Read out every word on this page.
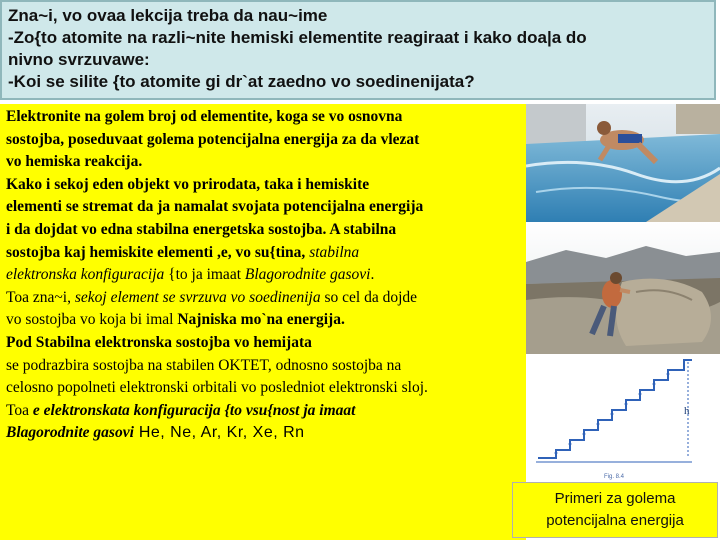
Zna~i, vo ovaa lekcija treba da nau~ime
-Zo{to atomite na razli~nite hemiski elementite reagiraat i kako doa|a do
nivno svrzuvawe:
-Koi se silite {to atomite gi dr`at zaedno vo soedinenijata?
Elektronite na golem broj od elementite, koga se vo osnovna
sostojba, poseduvaat golema potencijalna energija za da vlezat
vo hemiska reakcija.
Kako i sekoj eden objekt vo prirodata, taka i hemiskite
elementi se stremat da ja namalat svojata potencijalna energija
i da dojdat vo edna stabilna energetska sostojba. A stabilna
sostojba kaj hemiskite elementi ,e, vo su{tina, stabilna
elektronska konfiguracija {to ja imaat Blagorodnite gasovi.
Toa zna~i, sekoj element se svrzuva vo soedinenija so cel da dojde
vo sostojba vo koja bi imal Najniska mo`na energija.
Pod Stabilna elektronska sostojba vo hemijata
se podrazbira sostojba na stabilen OKTET, odnosno sostojba na
celosno popolneti elektronski orbitali vo posledniot elektronski sloj.
Toa e elektronskata konfiguracija {to vsu{nost ja imaat
Blagorodnite gasovi He, Ne, Ar, Kr, Xe, Rn
h
Fig. 8.4
Primeri za golema
potencijalna energija
